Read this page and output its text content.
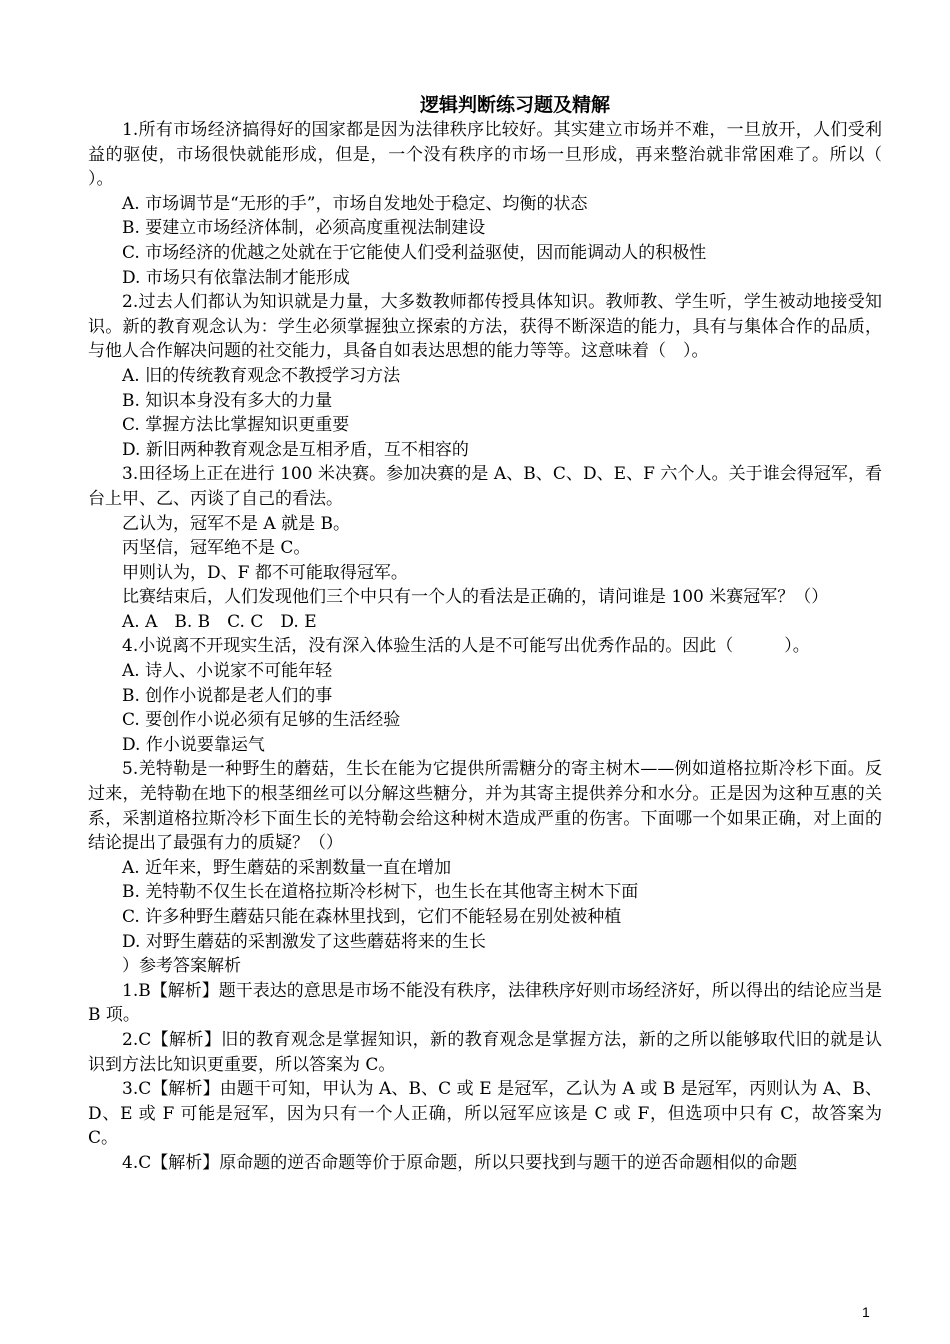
逻辑判断练习题及精解
1.所有市场经济搞得好的国家都是因为法律秩序比较好。其实建立市场并不难，一旦放开，人们受利益的驱使，市场很快就能形成，但是，一个没有秩序的市场一旦形成，再来整治就非常困难了。所以（　　）。
A. 市场调节是“无形的手”，市场自发地处于稳定、均衡的状态
B. 要建立市场经济体制，必须高度重视法制建设
C. 市场经济的优越之处就在于它能使人们受利益驱使，因而能调动人的积极性
D. 市场只有依靠法制才能形成
2.过去人们都认为知识就是力量，大多数教师都传授具体知识。教师教、学生听，学生被动地接受知识。新的教育观念认为：学生必须掌握独立探索的方法，获得不断深造的能力，具有与集体合作的品质，与他人合作解决问题的社交能力，具备自如表达思想的能力等等。这意味着（　）。
A. 旧的传统教育观念不教授学习方法
B. 知识本身没有多大的力量
C. 掌握方法比掌握知识更重要
D. 新旧两种教育观念是互相矛盾，互不相容的
3.田径场上正在进行 100 米决赛。参加决赛的是 A、B、C、D、E、F 六个人。关于谁会得冠军，看台上甲、乙、丙谈了自己的看法。
乙认为，冠军不是 A 就是 B。
丙坚信，冠军绝不是 C。
甲则认为，D、F 都不可能取得冠军。
比赛结束后，人们发现他们三个中只有一个人的看法是正确的，请问谁是 100 米赛冠军？（）
A. A　B. B　C. C　D. E
4.小说离不开现实生活，没有深入体验生活的人是不可能写出优秀作品的。因此（　　　）。
A. 诗人、小说家不可能年轻
B. 创作小说都是老人们的事
C. 要创作小说必须有足够的生活经验
D. 作小说要靠运气
5.羌特勒是一种野生的蘑菇，生长在能为它提供所需糖分的寄主树木——例如道格拉斯冷杉下面。反过来，羌特勒在地下的根茎细丝可以分解这些糖分，并为其寄主提供养分和水分。正是因为这种互惠的关系，采割道格拉斯冷杉下面生长的羌特勒会给这种树木造成严重的伤害。下面哪一个如果正确，对上面的结论提出了最强有力的质疑？（）
A. 近年来，野生蘑菇的采割数量一直在增加
B. 羌特勒不仅生长在道格拉斯冷杉树下，也生长在其他寄主树木下面
C. 许多种野生蘑菇只能在森林里找到，它们不能轻易在别处被种植
D. 对野生蘑菇的采割激发了这些蘑菇将来的生长
）参考答案解析
1.B【解析】题干表达的意思是市场不能没有秩序，法律秩序好则市场经济好，所以得出的结论应当是 B 项。
2.C【解析】旧的教育观念是掌握知识，新的教育观念是掌握方法，新的之所以能够取代旧的就是认识到方法比知识更重要，所以答案为 C。
3.C【解析】由题干可知，甲认为 A、B、C 或 E 是冠军，乙认为 A 或 B 是冠军，丙则认为 A、B、D、E 或 F 可能是冠军，因为只有一个人正确，所以冠军应该是 C 或 F，但选项中只有 C，故答案为 C。
4.C【解析】原命题的逆否命题等价于原命题，所以只要找到与题干的逆否命题相似的命题
1
